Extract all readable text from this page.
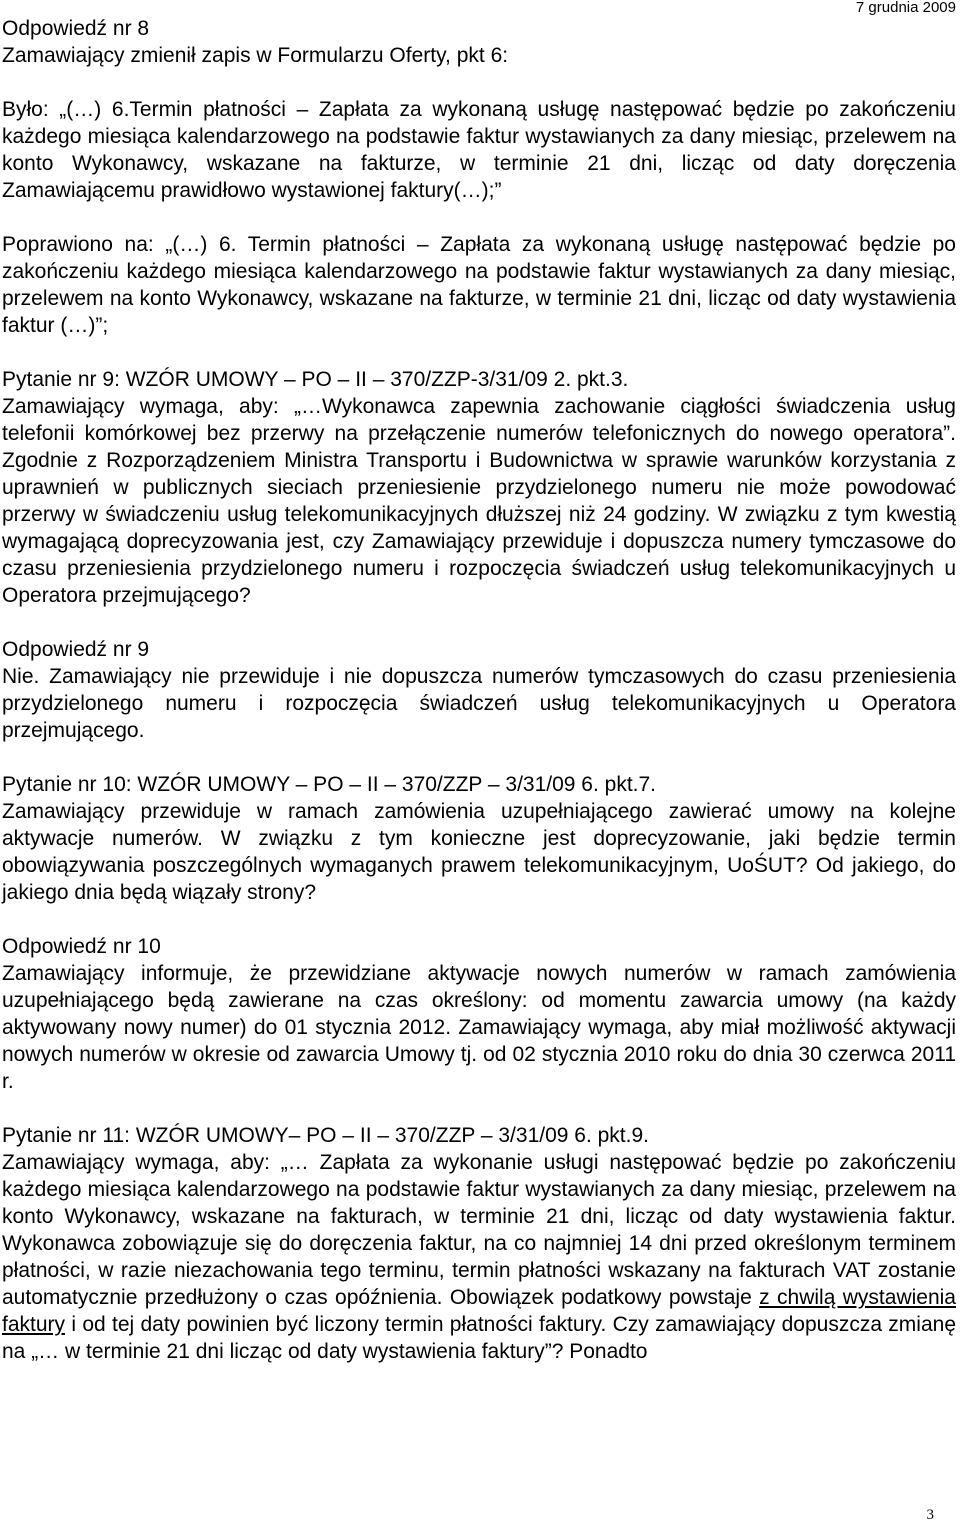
7 grudnia 2009

Odpowiedź nr 8

Zamawiający zmienił zapis w Formularzu Oferty, pkt 6:

Było: „(…) 6.Termin płatności – Zapłata za wykonaną usługę następować będzie po zakończeniu każdego miesiąca kalendarzowego na podstawie faktur wystawianych za dany miesiąc, przelewem na konto Wykonawcy, wskazane na fakturze, w terminie 21 dni, licząc od daty doręczenia Zamawiającemu prawidłowo wystawionej faktury(…);”

Poprawiono na: „(…) 6. Termin płatności – Zapłata za wykonaną usługę następować będzie po zakończeniu każdego miesiąca kalendarzowego na podstawie faktur wystawianych za dany miesiąc, przelewem na konto Wykonawcy, wskazane na fakturze, w terminie 21 dni, licząc od daty wystawienia faktur (…)”;

Pytanie nr 9: WZÓR UMOWY – PO – II – 370/ZZP-3/31/09 2. pkt.3.

Zamawiający wymaga, aby: „…Wykonawca zapewnia zachowanie ciągłości świadczenia usług telefonii komórkowej bez przerwy na przełączenie numerów telefonicznych do nowego operatora”. Zgodnie z Rozporządzeniem Ministra Transportu i Budownictwa w sprawie warunków korzystania z uprawnień w publicznych sieciach przeniesienie przydzielonego numeru nie może powodować przerwy w świadczeniu usług telekomunikacyjnych dłuższej niż 24 godziny. W związku z tym kwestią wymagającą doprecyzowania jest, czy Zamawiający przewiduje i dopuszcza numery tymczasowe do czasu przeniesienia przydzielonego numeru i rozpoczęcia świadczeń usług telekomunikacyjnych u Operatora przejmującego?

Odpowiedź nr 9

Nie. Zamawiający nie przewiduje i nie dopuszcza numerów tymczasowych do czasu przeniesienia przydzielonego numeru i rozpoczęcia świadczeń usług telekomunikacyjnych u Operatora przejmującego.

Pytanie nr 10: WZÓR UMOWY – PO – II – 370/ZZP – 3/31/09 6. pkt.7.

Zamawiający przewiduje w ramach zamówienia uzupełniającego zawierać umowy na kolejne aktywacje numerów. W związku z tym konieczne jest doprecyzowanie, jaki będzie termin obowiązywania poszczególnych wymaganych prawem telekomunikacyjnym, UoŚUT? Od jakiego, do jakiego dnia będą wiązały strony?

Odpowiedź nr 10

Zamawiający informuje, że przewidziane aktywacje nowych numerów w ramach zamówienia uzupełniającego będą zawierane na czas określony: od momentu zawarcia umowy (na każdy aktywowany nowy numer) do 01 stycznia 2012. Zamawiający wymaga, aby miał możliwość aktywacji nowych numerów w okresie od zawarcia Umowy tj. od 02 stycznia 2010 roku do dnia 30 czerwca 2011 r.

Pytanie nr 11: WZÓR UMOWY– PO – II – 370/ZZP – 3/31/09 6. pkt.9.

Zamawiający wymaga, aby: „… Zapłata za wykonanie usługi następować będzie po zakończeniu każdego miesiąca kalendarzowego na podstawie faktur wystawianych za dany miesiąc, przelewem na konto Wykonawcy, wskazane na fakturach, w terminie 21 dni, licząc od daty wystawienia faktur. Wykonawca zobowiązuje się do doręczenia faktur, na co najmniej 14 dni przed określonym terminem płatności, w razie niezachowania tego terminu, termin płatności wskazany na fakturach VAT zostanie automatycznie przedłużony o czas opóźnienia. Obowiązek podatkowy powstaje z chwilą wystawienia faktury i od tej daty powinien być liczony termin płatności faktury. Czy zamawiający dopuszcza zmianę na „… w terminie 21 dni licząc od daty wystawienia faktury”? Ponadto

3
